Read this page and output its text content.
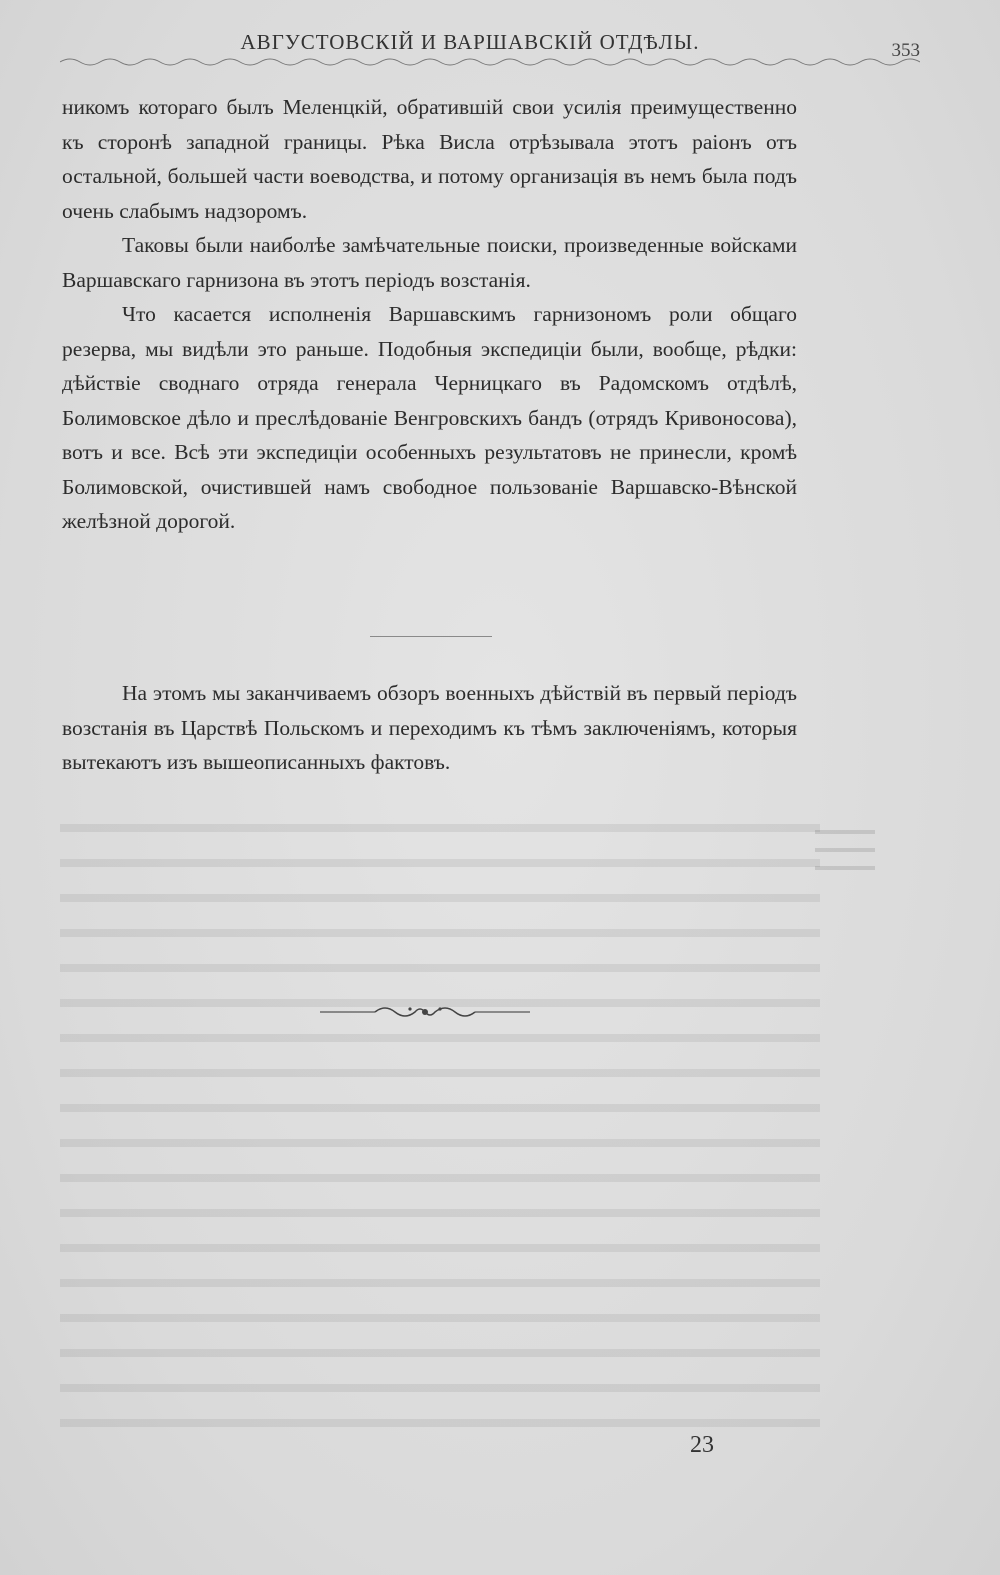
АВГУСТОВСКІЙ И ВАРШАВСКІЙ ОТДѢЛЫ.	353

никомъ котораго былъ Меленцкій, обратившій свои усилія преимущественно къ сторонѣ западной границы. Рѣка Висла отрѣзывала этотъ раіонъ отъ остальной, большей части воеводства, и потому организація въ немъ была подъ очень слабымъ надзоромъ.

Таковы были наиболѣе замѣчательные поиски, произведенные войсками Варшавскаго гарнизона въ этотъ періодъ возстанія.

Что касается исполненія Варшавскимъ гарнизономъ роли общаго резерва, мы видѣли это раньше. Подобныя экспедиціи были, вообще, рѣдки: дѣйствіе своднаго отряда генерала Черницкаго въ Радомскомъ отдѣлѣ, Болимовское дѣло и преслѣдованіе Венгровскихъ бандъ (отрядъ Кривоносова), вотъ и все. Всѣ эти экспедиціи особенныхъ результатовъ не принесли, кромѣ Болимовской, очистившей намъ свободное пользованіе Варшавско-Вѣнской желѣзной дорогой.

На этомъ мы заканчиваемъ обзоръ военныхъ дѣйствій въ первый періодъ возстанія въ Царствѣ Польскомъ и переходимъ къ тѣмъ заключеніямъ, которыя вытекаютъ изъ вышеописанныхъ фактовъ.

23
